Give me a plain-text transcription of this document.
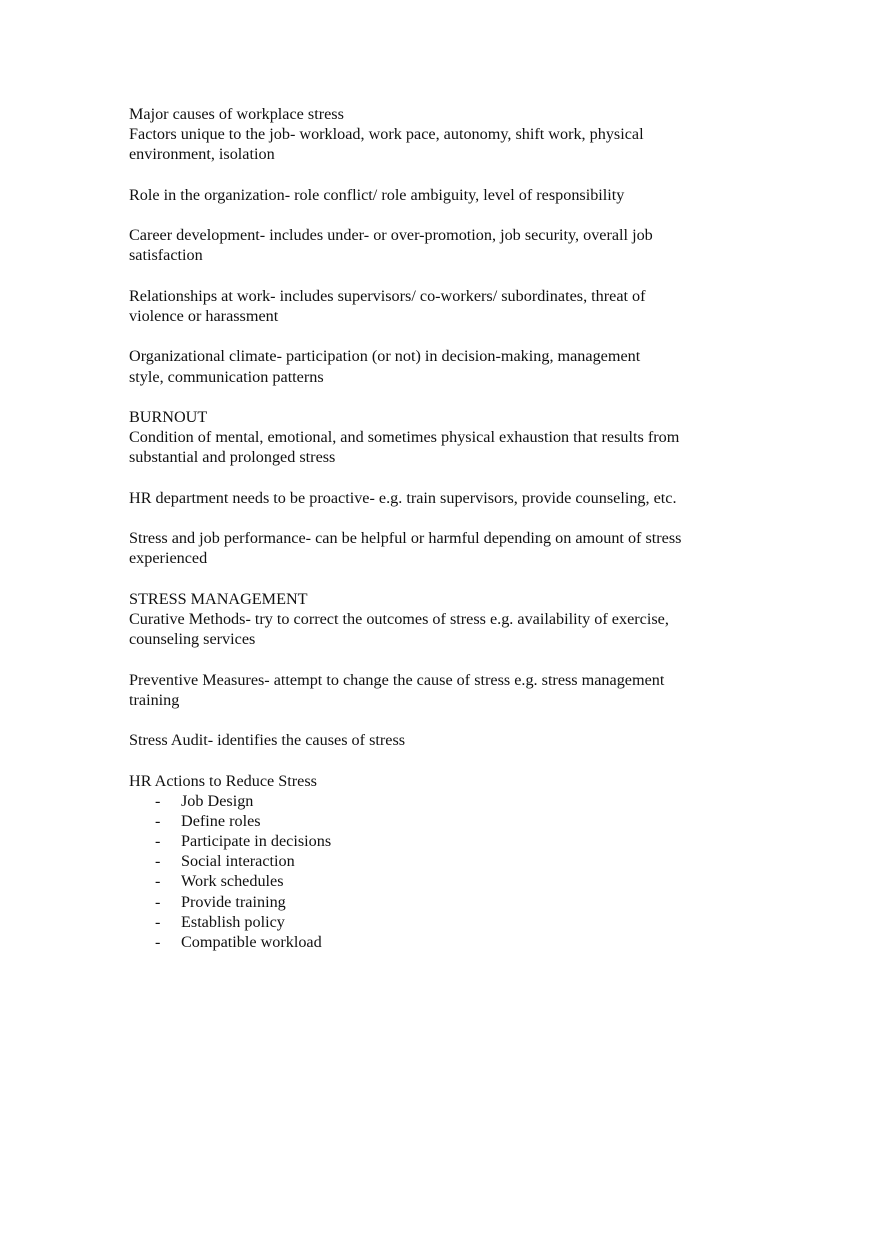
Major causes of workplace stress
Factors unique to the job- workload, work pace, autonomy, shift work, physical
environment, isolation
Role in the organization- role conflict/ role ambiguity, level of responsibility
Career development- includes under- or over-promotion, job security, overall job
satisfaction
Relationships at work- includes supervisors/ co-workers/ subordinates, threat of
violence or harassment
Organizational climate- participation (or not) in decision-making, management
style, communication patterns
BURNOUT
Condition of mental, emotional, and sometimes physical exhaustion that results from
substantial and prolonged stress
HR department needs to be proactive- e.g. train supervisors, provide counseling, etc.
Stress and job performance- can be helpful or harmful depending on amount of stress
experienced
STRESS MANAGEMENT
Curative Methods- try to correct the outcomes of stress e.g. availability of exercise,
counseling services
Preventive Measures- attempt to change the cause of stress e.g. stress management
training
Stress Audit- identifies the causes of stress
HR Actions to Reduce Stress
- Job Design
- Define roles
- Participate in decisions
- Social interaction
- Work schedules
- Provide training
- Establish policy
- Compatible workload
